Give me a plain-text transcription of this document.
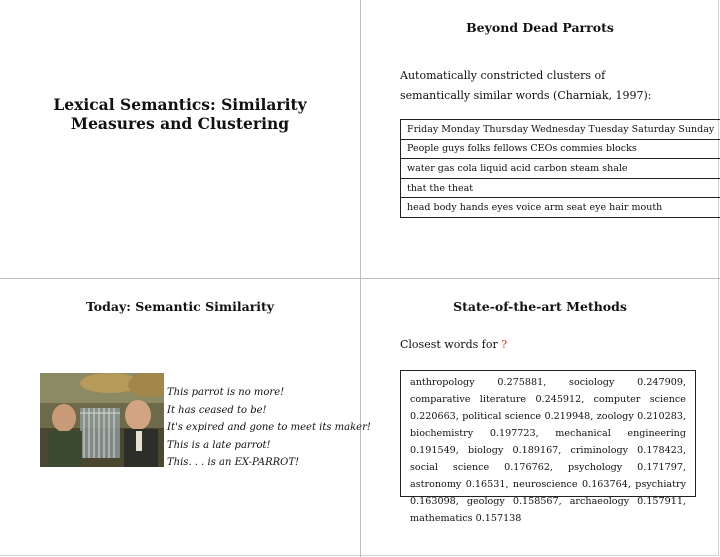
Lexical Semantics: Similarity Measures and Clustering
Beyond Dead Parrots
Automatically constricted clusters of semantically similar words (Charniak, 1997):
Friday Monday Thursday Wednesday Tuesday Saturday Sunday
People guys folks fellows CEOs commies blocks
water gas cola liquid acid carbon steam shale
that the theat
head body hands eyes voice arm seat eye hair mouth
Today: Semantic Similarity
This parrot is no more!
It has ceased to be!
It's expired and gone to meet its maker!
This is a late parrot!
This. . . is an EX-PARROT!
State-of-the-art Methods
Closest words for ?
anthropology 0.275881, sociology 0.247909, comparative literature 0.245912, computer science 0.220663, political science 0.219948, zoology 0.210283, biochemistry 0.197723, mechanical engineering 0.191549, biology 0.189167, criminology 0.178423, social science 0.176762, psychology 0.171797, astronomy 0.16531, neuroscience 0.163764, psychiatry 0.163098, geology 0.158567, archaeology 0.157911, mathematics 0.157138
